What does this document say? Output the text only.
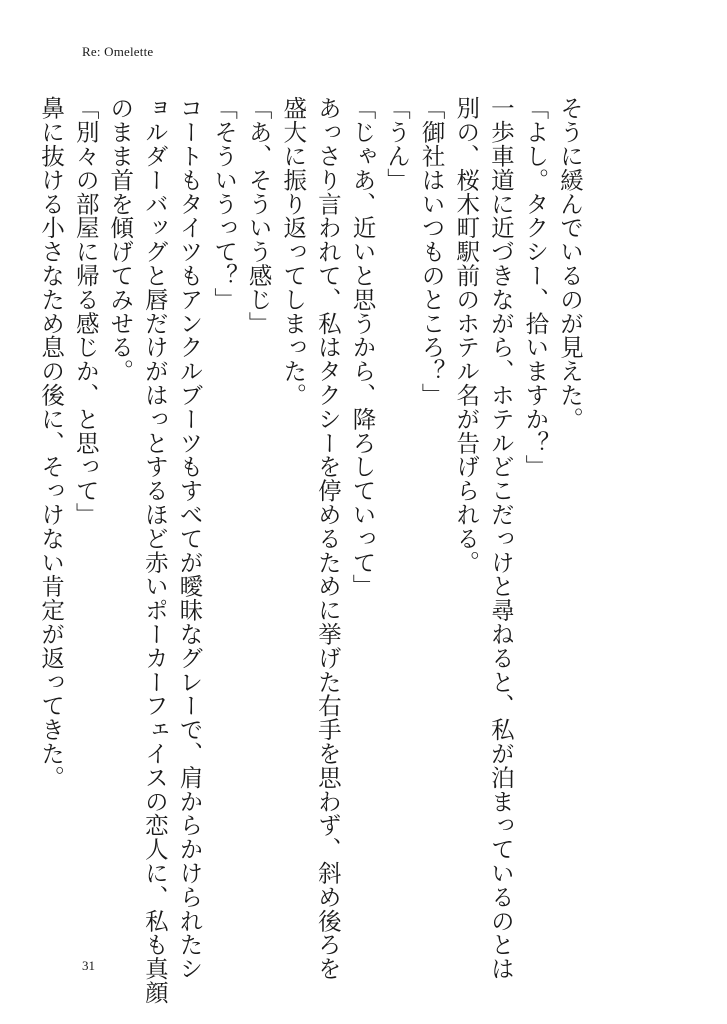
Re: Omelette
そうに緩んでいるのが見えた。
「よし。タクシー、拾いますか？」
一歩車道に近づきながら、ホテルどこだっけと尋ねると、私が泊まっているのとは
別の、桜木町駅前のホテル名が告げられる。
「御社はいつものところ？」
「うん」
「じゃあ、近いと思うから、降ろしていって」
あっさり言われて、私はタクシーを停めるために挙げた右手を思わず、斜め後ろを
盛大に振り返ってしまった。
「あ、そういう感じ」
「そういうって？」
コートもタイツもアンクルブーツもすべてが曖昧なグレーで、肩からかけられたシ
ョルダーバッグと唇だけがはっとするほど赤いポーカーフェイスの恋人に、私も真顔
のまま首を傾げてみせる。
「別々の部屋に帰る感じか、と思って」
鼻に抜ける小さなため息の後に、そっけない肯定が返ってきた。
31
